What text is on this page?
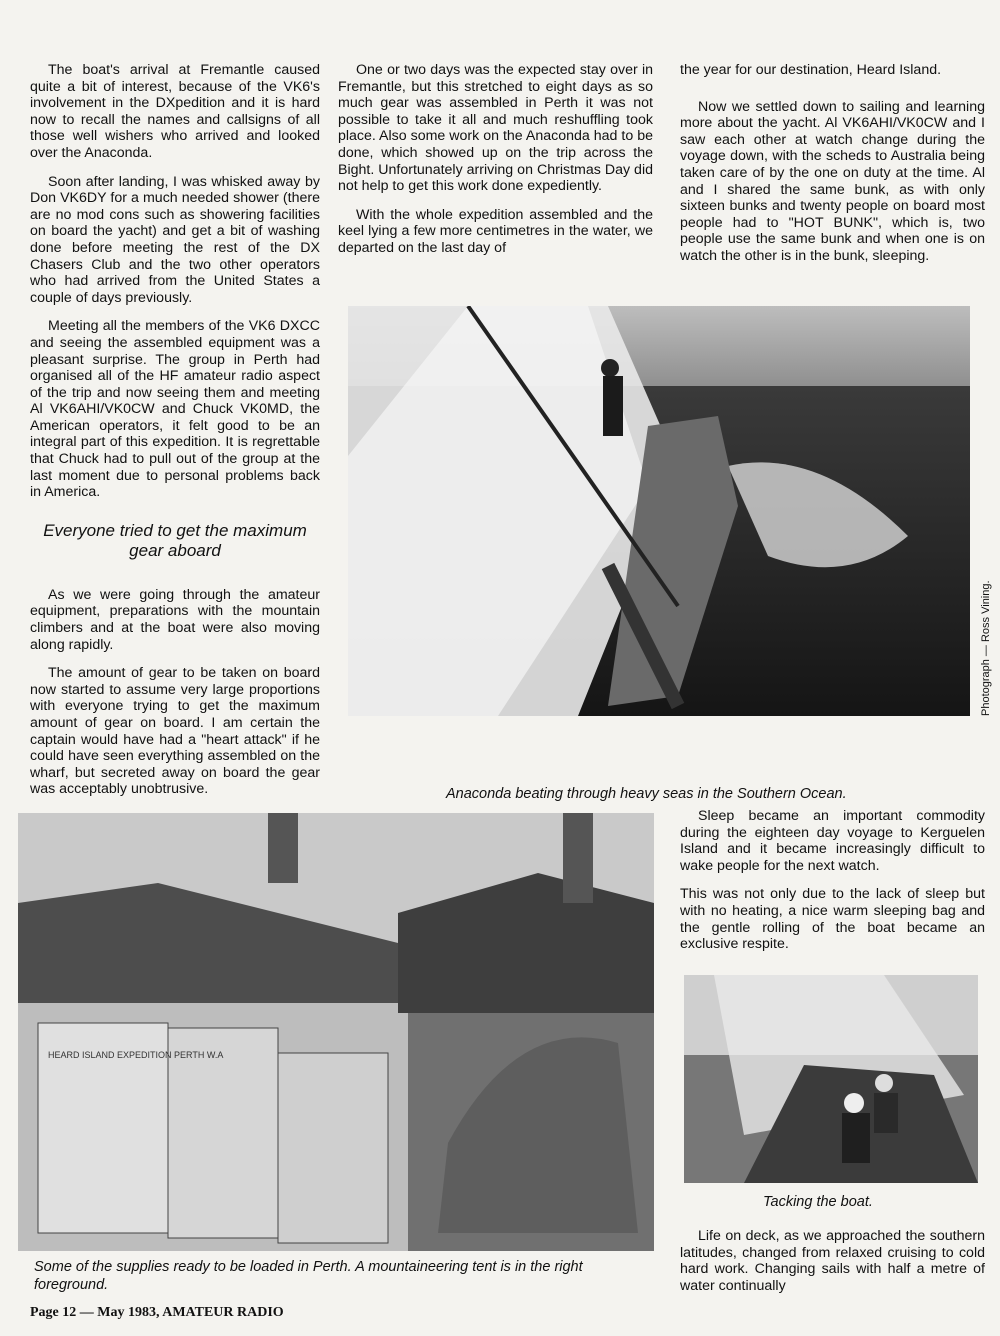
The boat's arrival at Fremantle caused quite a bit of interest, because of the VK6's involvement in the DXpedition and it is hard now to recall the names and callsigns of all those well wishers who arrived and looked over the Anaconda.

Soon after landing, I was whisked away by Don VK6DY for a much needed shower (there are no mod cons such as showering facilities on board the yacht) and get a bit of washing done before meeting the rest of the DX Chasers Club and the two other operators who had arrived from the United States a couple of days previously.

Meeting all the members of the VK6 DXCC and seeing the assembled equipment was a pleasant surprise. The group in Perth had organised all of the HF amateur radio aspect of the trip and now seeing them and meeting Al VK6AHI/VK0CW and Chuck VK0MD, the American operators, it felt good to be an integral part of this expedition. It is regrettable that Chuck had to pull out of the group at the last moment due to personal problems back in America.

Everyone tried to get the maximum gear aboard

As we were going through the amateur equipment, preparations with the mountain climbers and at the boat were also moving along rapidly.

The amount of gear to be taken on board now started to assume very large proportions with everyone trying to get the maximum amount of gear on board. I am certain the captain would have had a "heart attack" if he could have seen everything assembled on the wharf, but secreted away on board the gear was acceptably unobtrusive.

One or two days was the expected stay over in Fremantle, but this stretched to eight days as so much gear was assembled in Perth it was not possible to take it all and much reshuffling took place. Also some work on the Anaconda had to be done, which showed up on the trip across the Bight. Unfortunately arriving on Christmas Day did not help to get this work done expediently.

With the whole expedition assembled and the keel lying a few more centimetres in the water, we departed on the last day of

the year for our destination, Heard Island.

Now we settled down to sailing and learning more about the yacht. Al VK6AHI/VK0CW and I saw each other at watch change during the voyage down, with the scheds to Australia being taken care of by the one on duty at the time. Al and I shared the same bunk, as with only sixteen bunks and twenty people on board most people had to "HOT BUNK", which is, two people use the same bunk and when one is on watch the other is in the bunk, sleeping.

Photograph — Ross Vining.
Anaconda beating through heavy seas in the Southern Ocean.

Sleep became an important commodity during the eighteen day voyage to Kerguelen Island and it became increasingly difficult to wake people for the next watch.

This was not only due to the lack of sleep but with no heating, a nice warm sleeping bag and the gentle rolling of the boat became an exclusive respite.

HEARD ISLAND EXPEDITION PERTH W.A
Some of the supplies ready to be loaded in Perth. A mountaineering tent is in the right foreground.
Tacking the boat.

Life on deck, as we approached the southern latitudes, changed from relaxed cruising to cold hard work. Changing sails with half a metre of water continually

Page 12 — May 1983, AMATEUR RADIO
